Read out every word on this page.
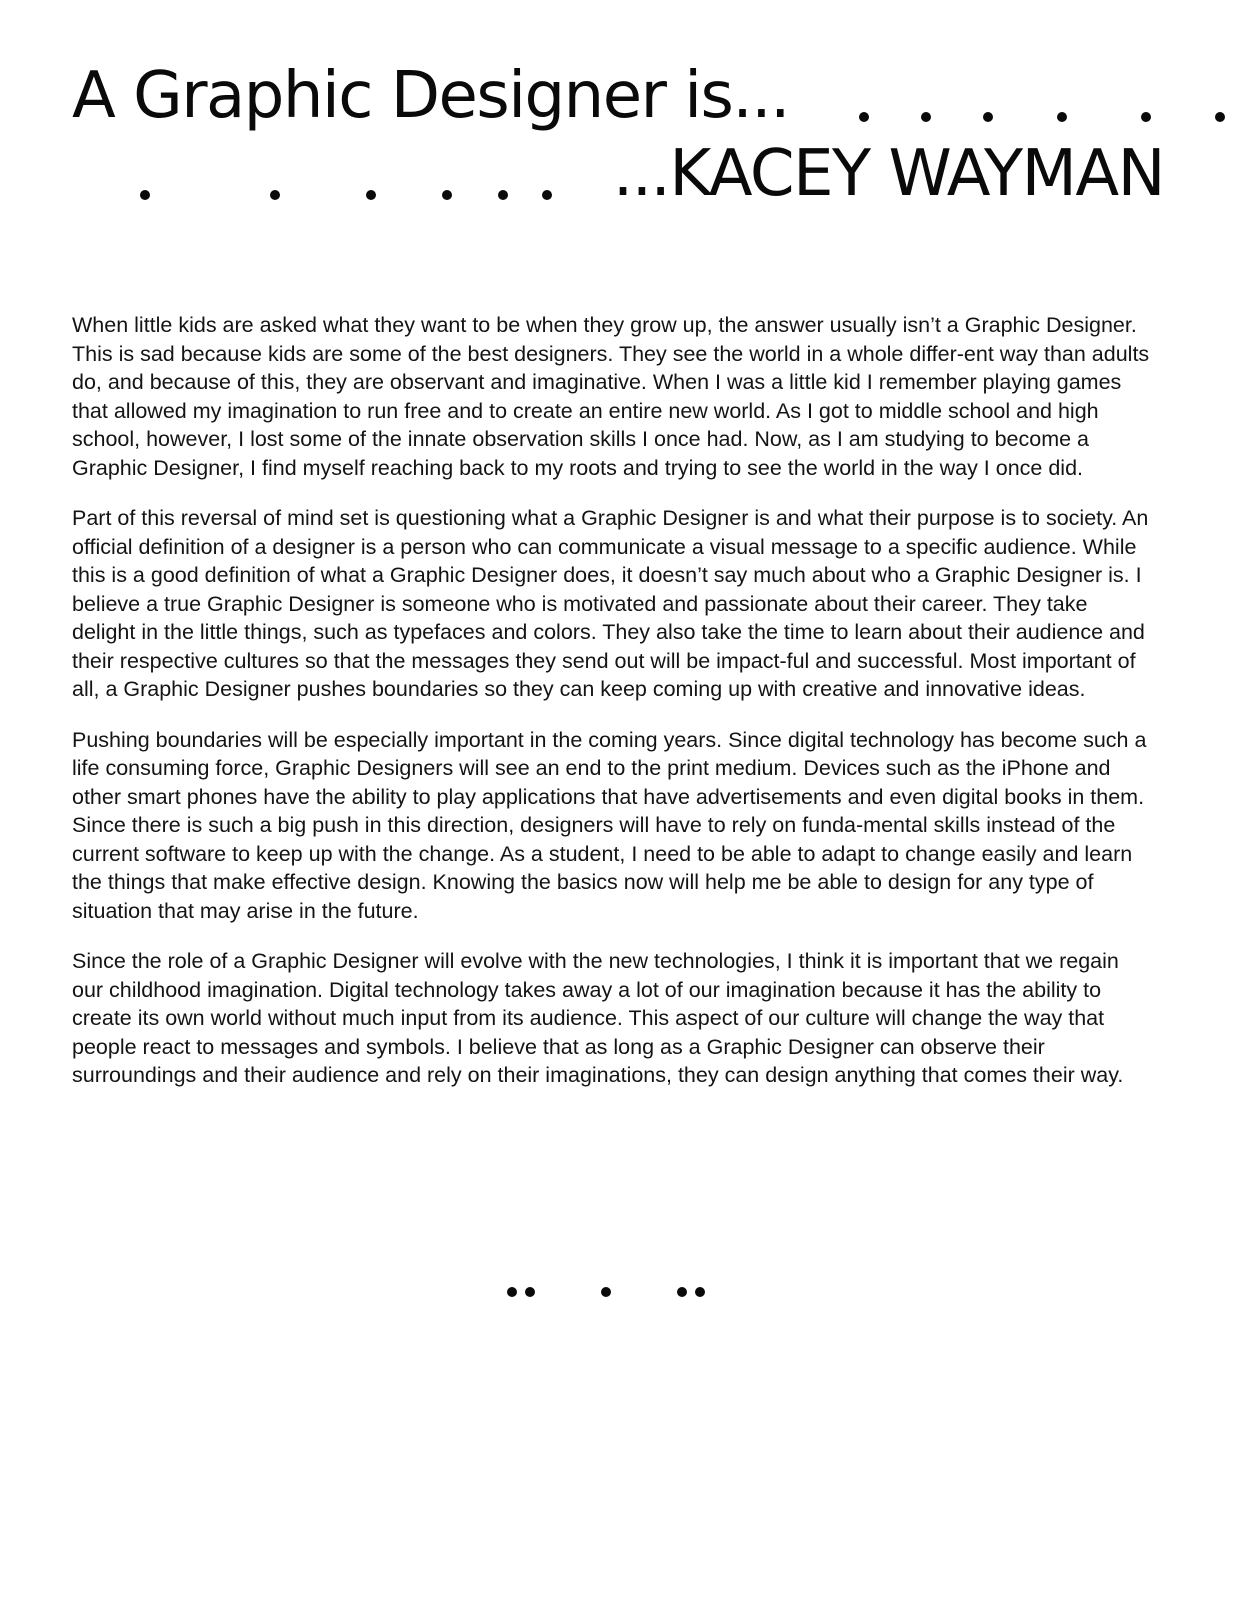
A Graphic Designer is...
...KACEY WAYMAN

When little kids are asked what they want to be when they grow up, the answer usually isn’t a Graphic Designer. This is sad because kids are some of the best designers. They see the world in a whole differ-ent way than adults do, and because of this, they are observant and imaginative. When I was a little kid I remember playing games that allowed my imagination to run free and to create an entire new world. As I got to middle school and high school, however, I lost some of the innate observation skills I once had. Now, as I am studying to become a Graphic Designer, I find myself reaching back to my roots and trying to see the world in the way I once did.

Part of this reversal of mind set is questioning what a Graphic Designer is and what their purpose is to society. An official definition of a designer is a person who can communicate a visual message to a specific audience. While this is a good definition of what a Graphic Designer does, it doesn’t say much about who a Graphic Designer is. I believe a true Graphic Designer is someone who is motivated and passionate about their career. They take delight in the little things, such as typefaces and colors. They also take the time to learn about their audience and their respective cultures so that the messages they send out will be impact-ful and successful. Most important of all, a Graphic Designer pushes boundaries so they can keep coming up with creative and innovative ideas.

Pushing boundaries will be especially important in the coming years. Since digital technology has become such a life consuming force, Graphic Designers will see an end to the print medium. Devices such as the iPhone and other smart phones have the ability to play applications that have advertisements and even digital books in them. Since there is such a big push in this direction, designers will have to rely on funda-mental skills instead of the current software to keep up with the change. As a student, I need to be able to adapt to change easily and learn the things that make effective design. Knowing the basics now will help me be able to design for any type of situation that may arise in the future.

Since the role of a Graphic Designer will evolve with the new technologies, I think it is important that we regain our childhood imagination. Digital technology takes away a lot of our imagination because it has the ability to create its own world without much input from its audience. This aspect of our culture will change the way that people react to messages and symbols. I believe that as long as a Graphic Designer can observe their surroundings and their audience and rely on their imaginations, they can design anything that comes their way.
